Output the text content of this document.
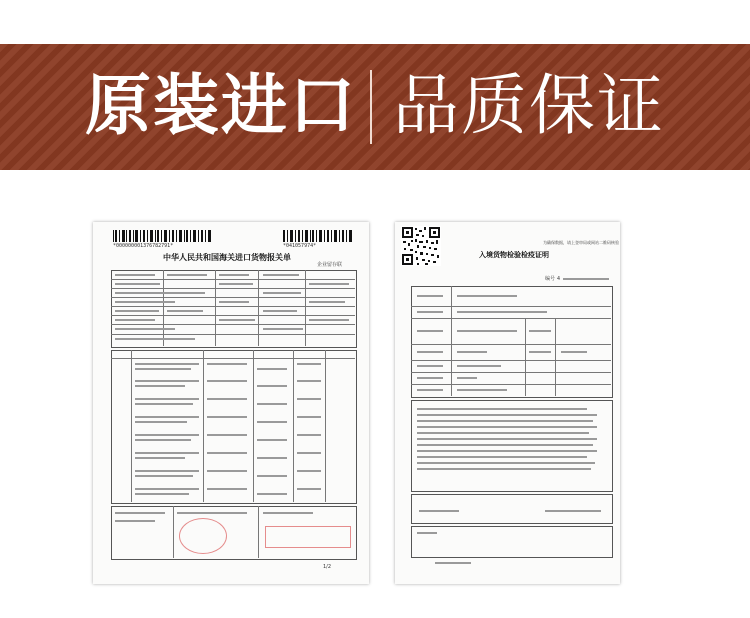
原装进口 品质保证
*000000001376782791*	*041057974*
中华人民共和国海关进口货物报关单
企业留存联
1/2
为确保数据，请上登审局或网站二维码核验
入境货物检验检疫证明
编号 4
